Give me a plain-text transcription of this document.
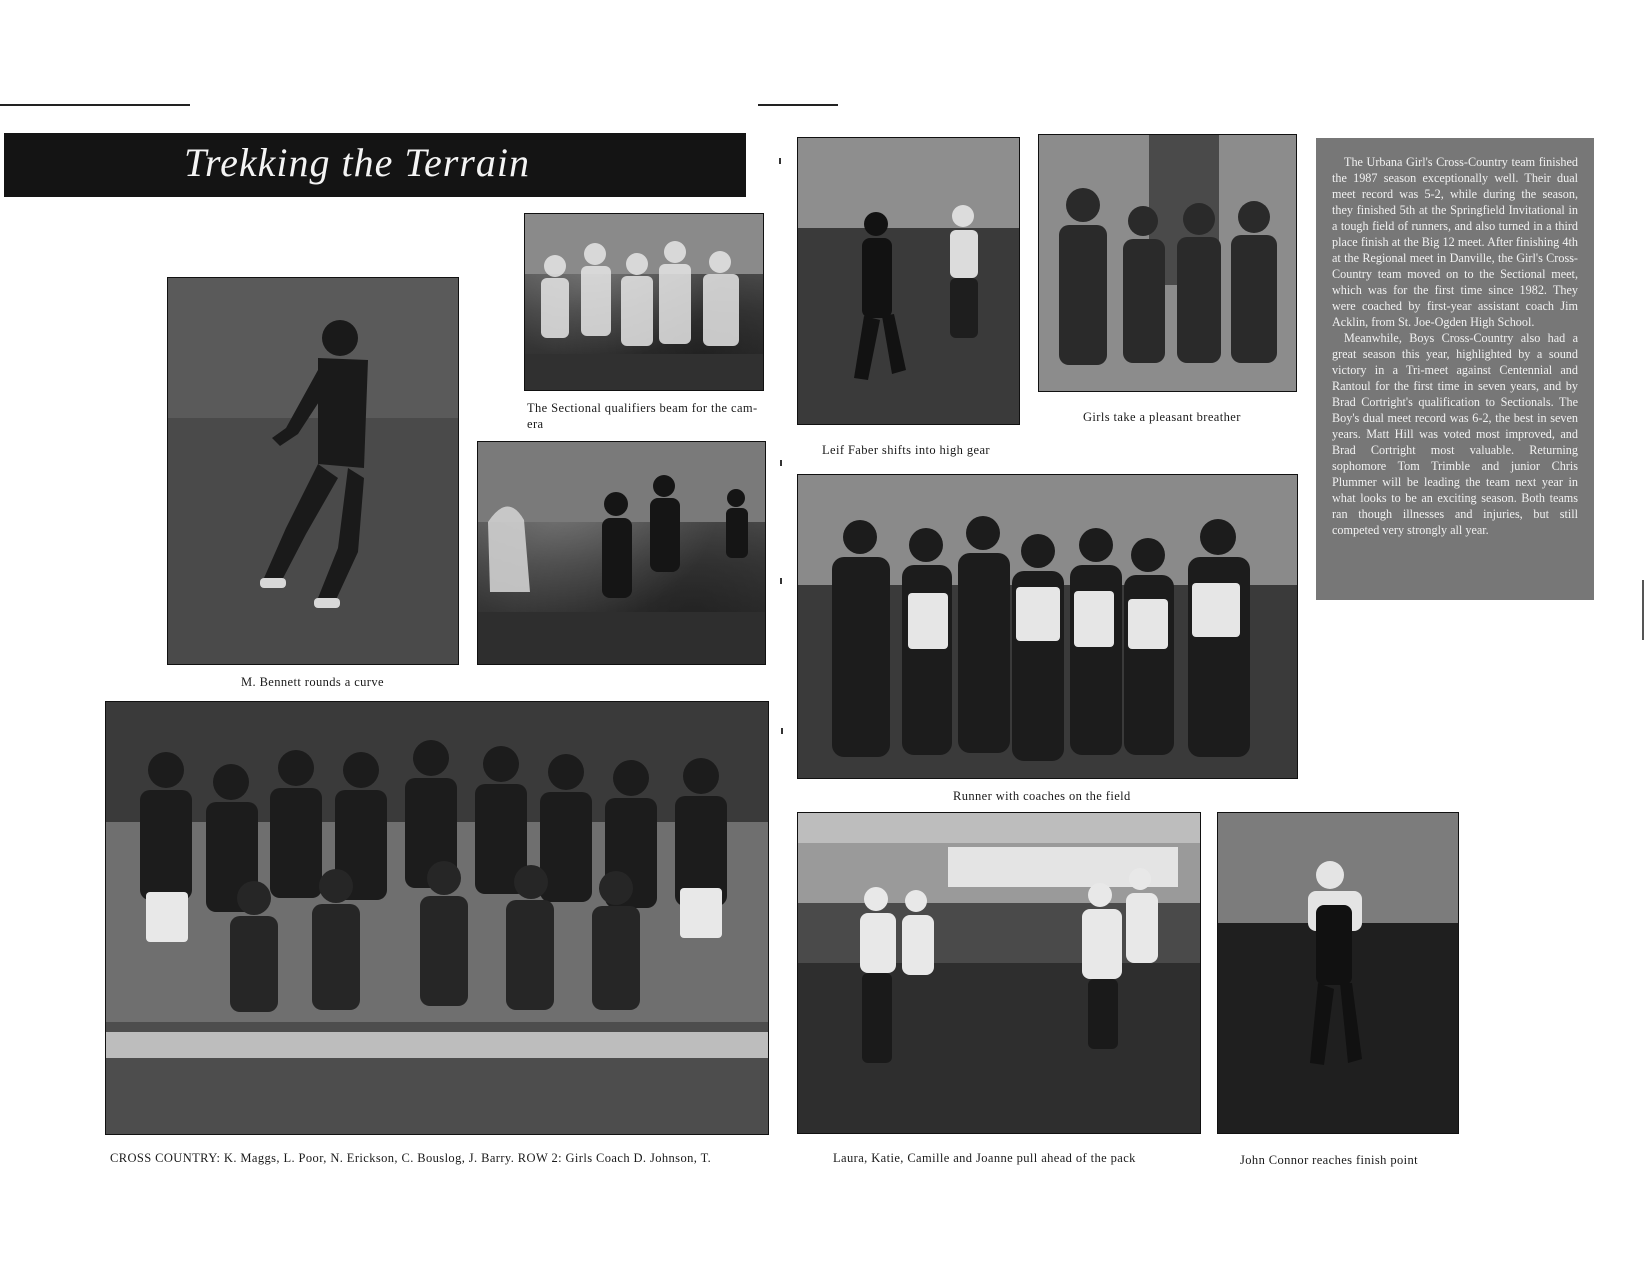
Trekking the Terrain
The Sectional qualifiers beam for the cam- era
M. Bennett rounds a curve
CROSS COUNTRY: K. Maggs, L. Poor, N. Erickson, C. Bouslog, J. Barry. ROW 2: Girls Coach D. Johnson, T.
Leif Faber shifts into high gear
Girls take a pleasant breather

The Urbana Girl's Cross-Country team finished the 1987 season exceptionally well. Their dual meet record was 5-2, while during the season, they finished 5th at the Springfield Invitational in a tough field of runners, and also turned in a third place finish at the Big 12 meet. After finishing 4th at the Regional meet in Danville, the Girl's Cross-Country team moved on to the Sectional meet, which was for the first time since 1982. They were coached by first-year assistant coach Jim Acklin, from St. Joe-Ogden High School.

Meanwhile, Boys Cross-Country also had a great season this year, highlighted by a sound victory in a Tri-meet against Centennial and Rantoul for the first time in seven years, and by Brad Cortright's qualification to Sectionals. The Boy's dual meet record was 6-2, the best in seven years. Matt Hill was voted most improved, and Brad Cortright most valuable. Returning sophomore Tom Trimble and junior Chris Plummer will be leading the team next year in what looks to be an exciting season. Both teams ran though illnesses and injuries, but still competed very strongly all year.

Runner with coaches on the field
Laura, Katie, Camille and Joanne pull ahead of the pack	John Connor reaches finish point
